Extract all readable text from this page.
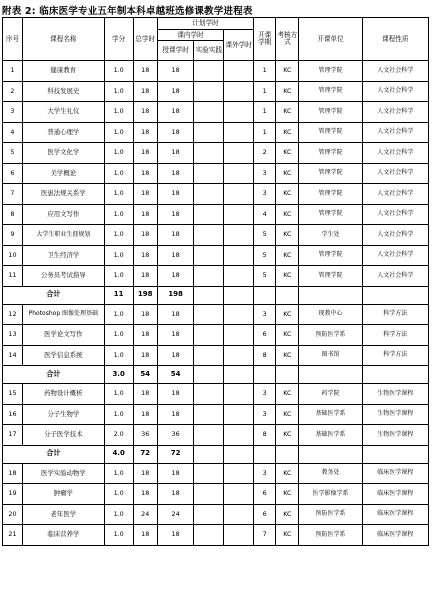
附表 2: 临床医学专业五年制本科卓越班选修课教学进程表
序号	课程名称	学分	总学时	计划学时			开课学期	考核方式	开课单位	课程性质
				课内学时		课外学时				
				授课学时	实验实践					
1	健康教育	1.0	18	18			1	KC	管理学院	人文社会科学
2	科技发展史	1.0	18	18			1	KC	管理学院	人文社会科学
3	大学生礼仪	1.0	18	18			1	KC	管理学院	人文社会科学
4	普通心理学	1.0	18	18			1	KC	管理学院	人文社会科学
5	医学文化学	1.0	18	18			2	KC	管理学院	人文社会科学
6	美学概论	1.0	18	18			3	KC	管理学院	人文社会科学
7	医患法规关系学	1.0	18	18			3	KC	管理学院	人文社会科学
8	应用文写作	1.0	18	18			4	KC	管理学院	人文社会科学
9	大学生职业生涯规划	1.0	18	18			5	KC	学生处	人文社会科学
10	卫生经济学	1.0	18	18			5	KC	管理学院	人文社会科学
11	公务员考试指导	1.0	18	18			5	KC	管理学院	人文社会科学
合计		11	198	198						
12	Photoshop 图像处理基础	1.0	18	18			3	KC	现教中心	科学方法
13	医学论文写作	1.0	18	18			6	KC	预防医学系	科学方法
14	医学信息系统	1.0	18	18			8	KC	图书馆	科学方法
合计		3.0	54	54						
15	药物设计概析	1.0	18	18			3	KC	药学院	生物医学课程
16	分子生物学	1.0	18	18			3	KC	基础医学系	生物医学课程
17	分子医学技术	2.0	36	36			8	KC	基础医学系	生物医学课程
合计		4.0	72	72						
18	医学实验动物学	1.0	18	18			3	KC	教务处	临床医学课程
19	肿瘤学	1.0	18	18			6	KC	医学影像学系	临床医学课程
20	老年医学	1.0	24	24			6	KC	预防医学系	临床医学课程
21	临床营养学	1.0	18	18			7	KC	预防医学系	临床医学课程
